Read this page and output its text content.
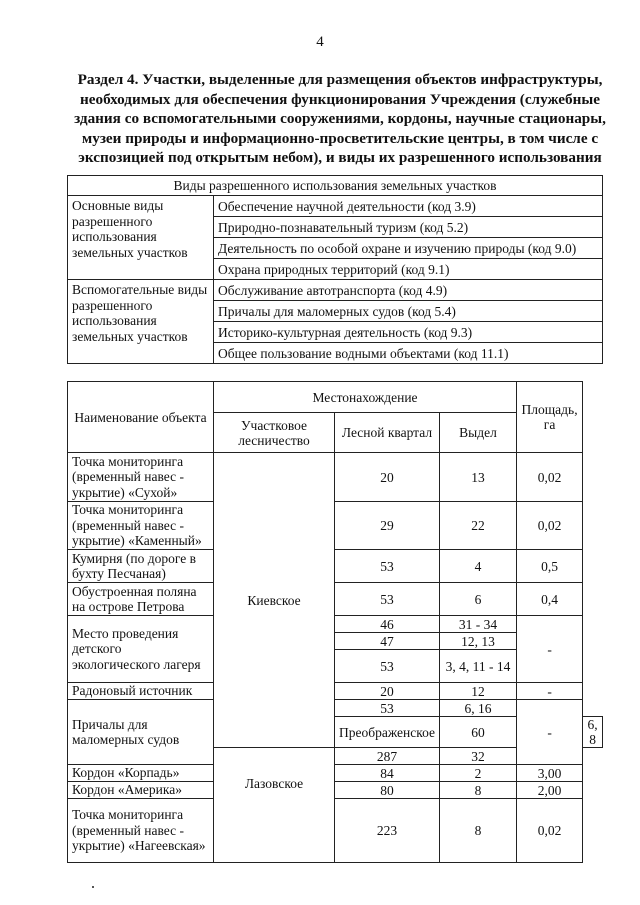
4
Раздел 4. Участки, выделенные для размещения объектов инфраструктуры, необходимых для обеспечения функционирования Учреждения (служебные здания со вспомогательными сооружениями, кордоны, научные стационары, музеи природы и информационно-просветительские центры, в том числе с экспозицией под открытым небом), и виды их разрешенного использования
Виды разрешенного использования земельных участков	
Основные виды разрешенного использования земельных участков	Обеспечение научной деятельности (код 3.9)
	Природно-познавательный туризм (код 5.2)
	Деятельность по особой охране и изучению природы (код 9.0)
	Охрана природных территорий (код 9.1)
Вспомогательные виды разрешенного использования земельных участков	Обслуживание автотранспорта (код 4.9)
	Причалы для маломерных судов (код 5.4)
	Историко-культурная деятельность (код 9.3)
	Общее пользование водными объектами (код 11.1)
Наименование объекта	Местонахождение			Площадь, га	
	Участковое лесничество	Лесной квартал	Выдел		
Точка мониторинга (временный навес - укрытие) «Сухой»	Киевское	20	13	0,02	
Точка мониторинга (временный навес - укрытие) «Каменный»		29	22	0,02	
Кумирня (по дороге в бухту Песчаная)		53	4	0,5	
Обустроенная поляна на острове Петрова		53	6	0,4	
Место проведения детского экологического лагеря		46	31 - 34	-	
		47	12, 13		
		53	3, 4, 11 - 14		
Радоновый источник		20	12	-	
Причалы для маломерных судов		53	6, 16	-	
		Преображенское	60		6, 8
	Лазовское	287	32		
Кордон «Корпадь»		84	2	3,00	
Кордон «Америка»		80	8	2,00	
Точка мониторинга (временный навес - укрытие) «Нагеевская»		223	8	0,02	
